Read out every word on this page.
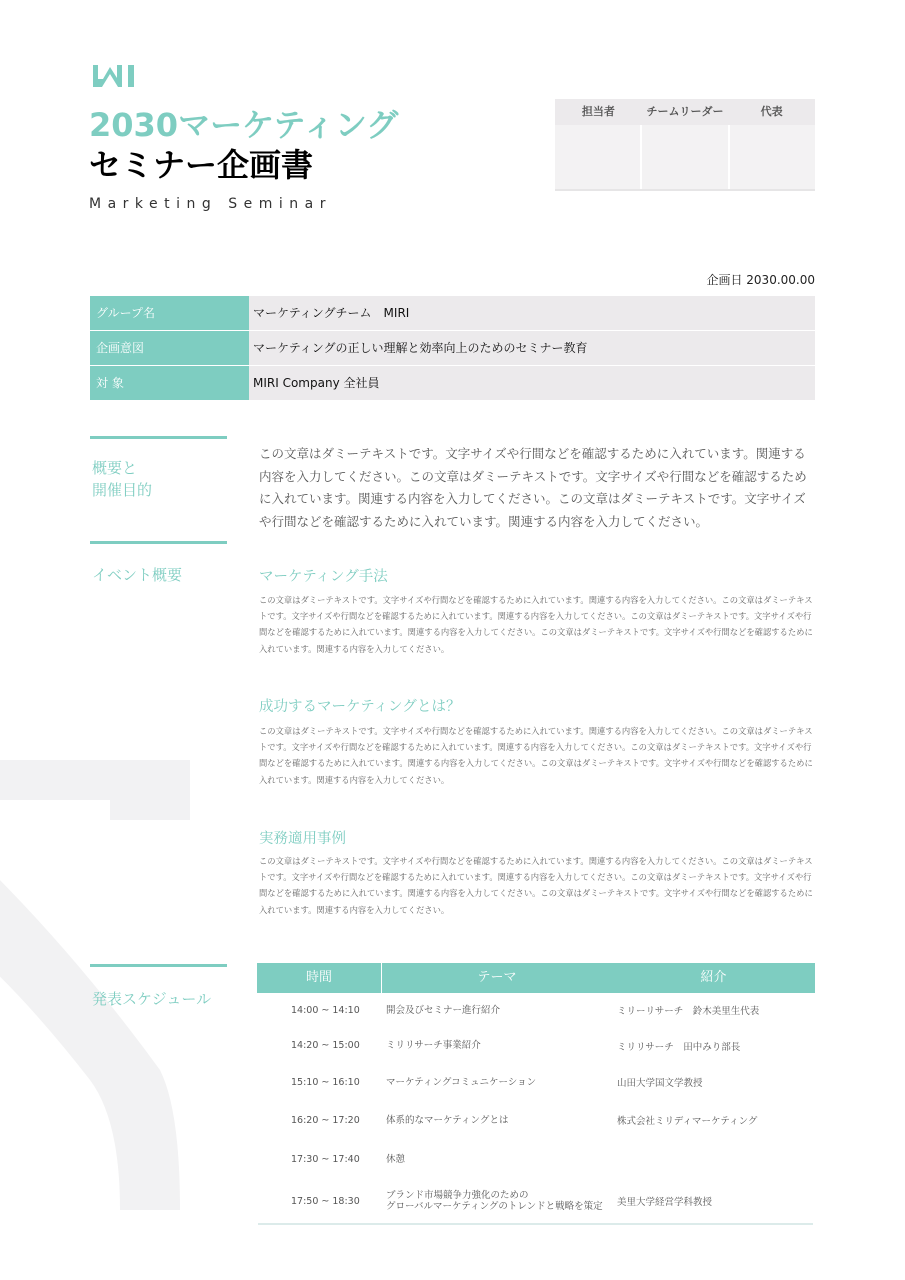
2030マーケティング
セミナー企画書
Marketing Seminar
担当者	チームリーダー	代表
企画日 2030.00.00
グループ名	マーケティングチーム　MIRI
企画意図	マーケティングの正しい理解と効率向上のためのセミナー教育
対 象	MIRI Company 全社員
概要と
開催目的
この文章はダミーテキストです。文字サイズや行間などを確認するために入れています。関連する内容を入力してください。この文章はダミーテキストです。文字サイズや行間などを確認するために入れています。関連する内容を入力してください。この文章はダミーテキストです。文字サイズや行間などを確認するために入れています。関連する内容を入力してください。
イベント概要	マーケティング手法
この文章はダミーテキストです。文字サイズや行間などを確認するために入れています。関連する内容を入力してください。この文章はダミーテキストです。文字サイズや行間などを確認するために入れています。関連する内容を入力してください。この文章はダミーテキストです。文字サイズや行間などを確認するために入れています。関連する内容を入力してください。この文章はダミーテキストです。文字サイズや行間などを確認するために入れています。関連する内容を入力してください。
成功するマーケティングとは？
この文章はダミーテキストです。文字サイズや行間などを確認するために入れています。関連する内容を入力してください。この文章はダミーテキストです。文字サイズや行間などを確認するために入れています。関連する内容を入力してください。この文章はダミーテキストです。文字サイズや行間などを確認するために入れています。関連する内容を入力してください。この文章はダミーテキストです。文字サイズや行間などを確認するために入れています。関連する内容を入力してください。
実務適用事例
この文章はダミーテキストです。文字サイズや行間などを確認するために入れています。関連する内容を入力してください。この文章はダミーテキストです。文字サイズや行間などを確認するために入れています。関連する内容を入力してください。この文章はダミーテキストです。文字サイズや行間などを確認するために入れています。関連する内容を入力してください。この文章はダミーテキストです。文字サイズや行間などを確認するために入れています。関連する内容を入力してください。
発表スケジュール
時間	テーマ	紹介
14:00 ~ 14:10	開会及びセミナー進行紹介	ミリーリサーチ　鈴木美里生代表
14:20 ~ 15:00	ミリリサーチ事業紹介	ミリリサーチ　田中みり部長
15:10 ~ 16:10	マーケティングコミュニケーション	山田大学国文学教授
16:20 ~ 17:20	体系的なマーケティングとは	株式会社ミリディマーケティング
17:30 ~ 17:40	休憩
17:50 ~ 18:30	ブランド市場競争力強化のための
グローバルマーケティングのトレンドと戦略を策定	美里大学経営学科教授
